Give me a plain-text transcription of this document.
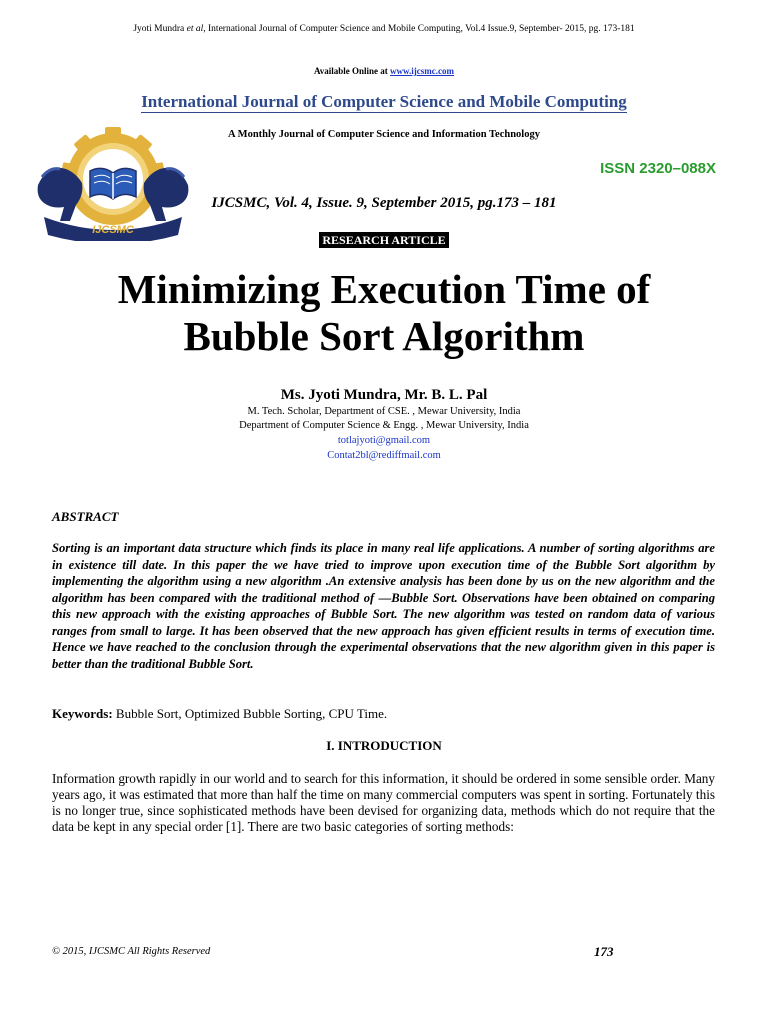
Jyoti Mundra et al, International Journal of Computer Science and Mobile Computing, Vol.4 Issue.9, September- 2015, pg. 173-181
Available Online at www.ijcsmc.com
International Journal of Computer Science and Mobile Computing
A Monthly Journal of Computer Science and Information Technology
IJCSMC
ISSN 2320–088X
IJCSMC, Vol. 4, Issue. 9, September 2015, pg.173 – 181
RESEARCH ARTICLE
Minimizing Execution Time of
Bubble Sort Algorithm
Ms. Jyoti Mundra, Mr. B. L. Pal
M. Tech. Scholar, Department of CSE. , Mewar University, India
Department of Computer Science & Engg. , Mewar University, India
totlajyoti@gmail.com
Contat2bl@rediffmail.com
ABSTRACT
Sorting is an important data structure which finds its place in many real life applications. A number of sorting algorithms are in existence till date. In this paper the we have tried to improve upon execution time of the Bubble Sort algorithm by implementing the algorithm using a new algorithm .An extensive analysis has been done by us on the new algorithm and the algorithm has been compared with the traditional method of ―Bubble Sort. Observations have been obtained on comparing this new approach with the existing approaches of Bubble Sort. The new algorithm was tested on random data of various ranges from small to large. It has been observed that the new approach has given efficient results in terms of execution time. Hence we have reached to the conclusion through the experimental observations that the new algorithm given in this paper is better than the traditional Bubble Sort.
Keywords: Bubble Sort, Optimized Bubble Sorting, CPU Time.
I. INTRODUCTION
Information growth rapidly in our world and to search for this information, it should be ordered in some sensible order. Many years ago, it was estimated that more than half the time on many commercial computers was spent in sorting. Fortunately this is no longer true, since sophisticated methods have been devised for organizing data, methods which do not require that the data be kept in any special order [1]. There are two basic categories of sorting methods:
© 2015, IJCSMC All Rights Reserved	173
